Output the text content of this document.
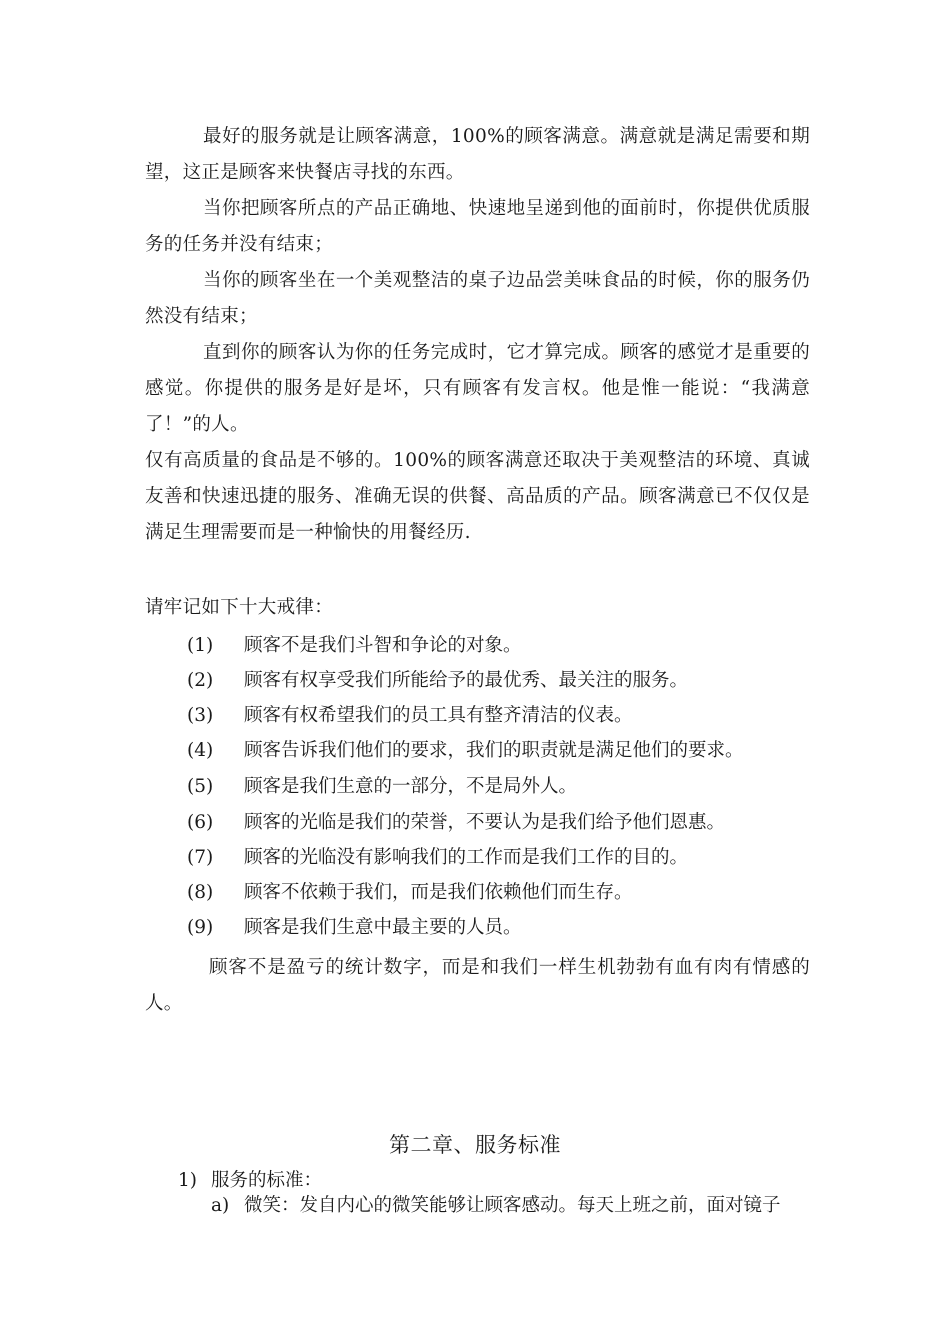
最好的服务就是让顾客满意，100%的顾客满意。满意就是满足需要和期望，这正是顾客来快餐店寻找的东西。

当你把顾客所点的产品正确地、快速地呈递到他的面前时，你提供优质服务的任务并没有结束；

当你的顾客坐在一个美观整洁的桌子边品尝美味食品的时候，你的服务仍然没有结束；

直到你的顾客认为你的任务完成时，它才算完成。顾客的感觉才是重要的感觉。你提供的服务是好是坏，只有顾客有发言权。他是惟一能说：“我满意了！”的人。

仅有高质量的食品是不够的。100%的顾客满意还取决于美观整洁的环境、真诚友善和快速迅捷的服务、准确无误的供餐、高品质的产品。顾客满意已不仅仅是满足生理需要而是一种愉快的用餐经历.

请牢记如下十大戒律：

(1) 顾客不是我们斗智和争论的对象。
(2) 顾客有权享受我们所能给予的最优秀、最关注的服务。
(3) 顾客有权希望我们的员工具有整齐清洁的仪表。
(4) 顾客告诉我们他们的要求，我们的职责就是满足他们的要求。
(5) 顾客是我们生意的一部分，不是局外人。
(6) 顾客的光临是我们的荣誉，不要认为是我们给予他们恩惠。
(7) 顾客的光临没有影响我们的工作而是我们工作的目的。
(8) 顾客不依赖于我们，而是我们依赖他们而生存。
(9) 顾客是我们生意中最主要的人员。

顾客不是盈亏的统计数字，而是和我们一样生机勃勃有血有肉有情感的人。

第二章、服务标准
1) 服务的标准：
a) 微笑：发自内心的微笑能够让顾客感动。每天上班之前，面对镜子
